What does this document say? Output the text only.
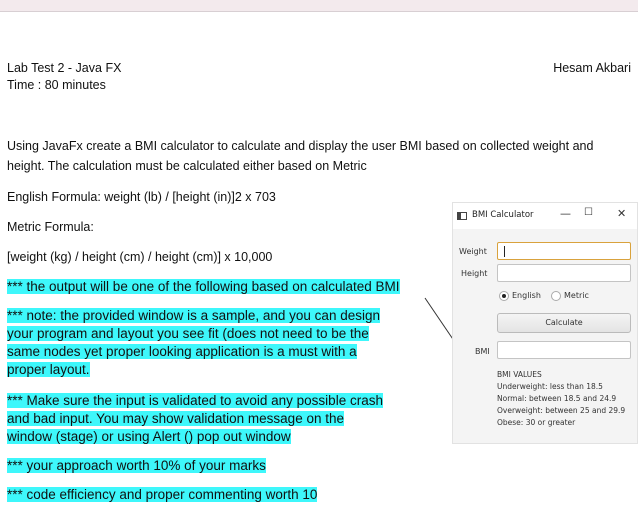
Lab Test 2 - Java FX
Time : 80 minutes
Hesam Akbari
Using JavaFx create a BMI calculator to calculate and display the user BMI based on collected weight and
height. The calculation must be calculated either based on Metric
English Formula: weight (lb) / [height (in)]2 x 703
Metric Formula:
[weight (kg) / height (cm) / height (cm)] x 10,000
*** the output will be one of the following based on calculated BMI
*** note: the provided window is a sample, and you can design
your program and layout you see fit (does not need to be the
same nodes yet proper looking application is a must with a
proper layout.
*** Make sure the input is validated to avoid any possible crash
and bad input. You may show validation message on the
window (stage) or using Alert () pop out window
*** your approach worth 10% of your marks
*** code efficiency and proper commenting worth 10
BMI Calculator — ☐ ✕
Weight
Height
English	Metric
Calculate
BMI
BMI VALUES
Underweight: less than 18.5
Normal: between 18.5 and 24.9
Overweight: between 25 and 29.9
Obese: 30 or greater
